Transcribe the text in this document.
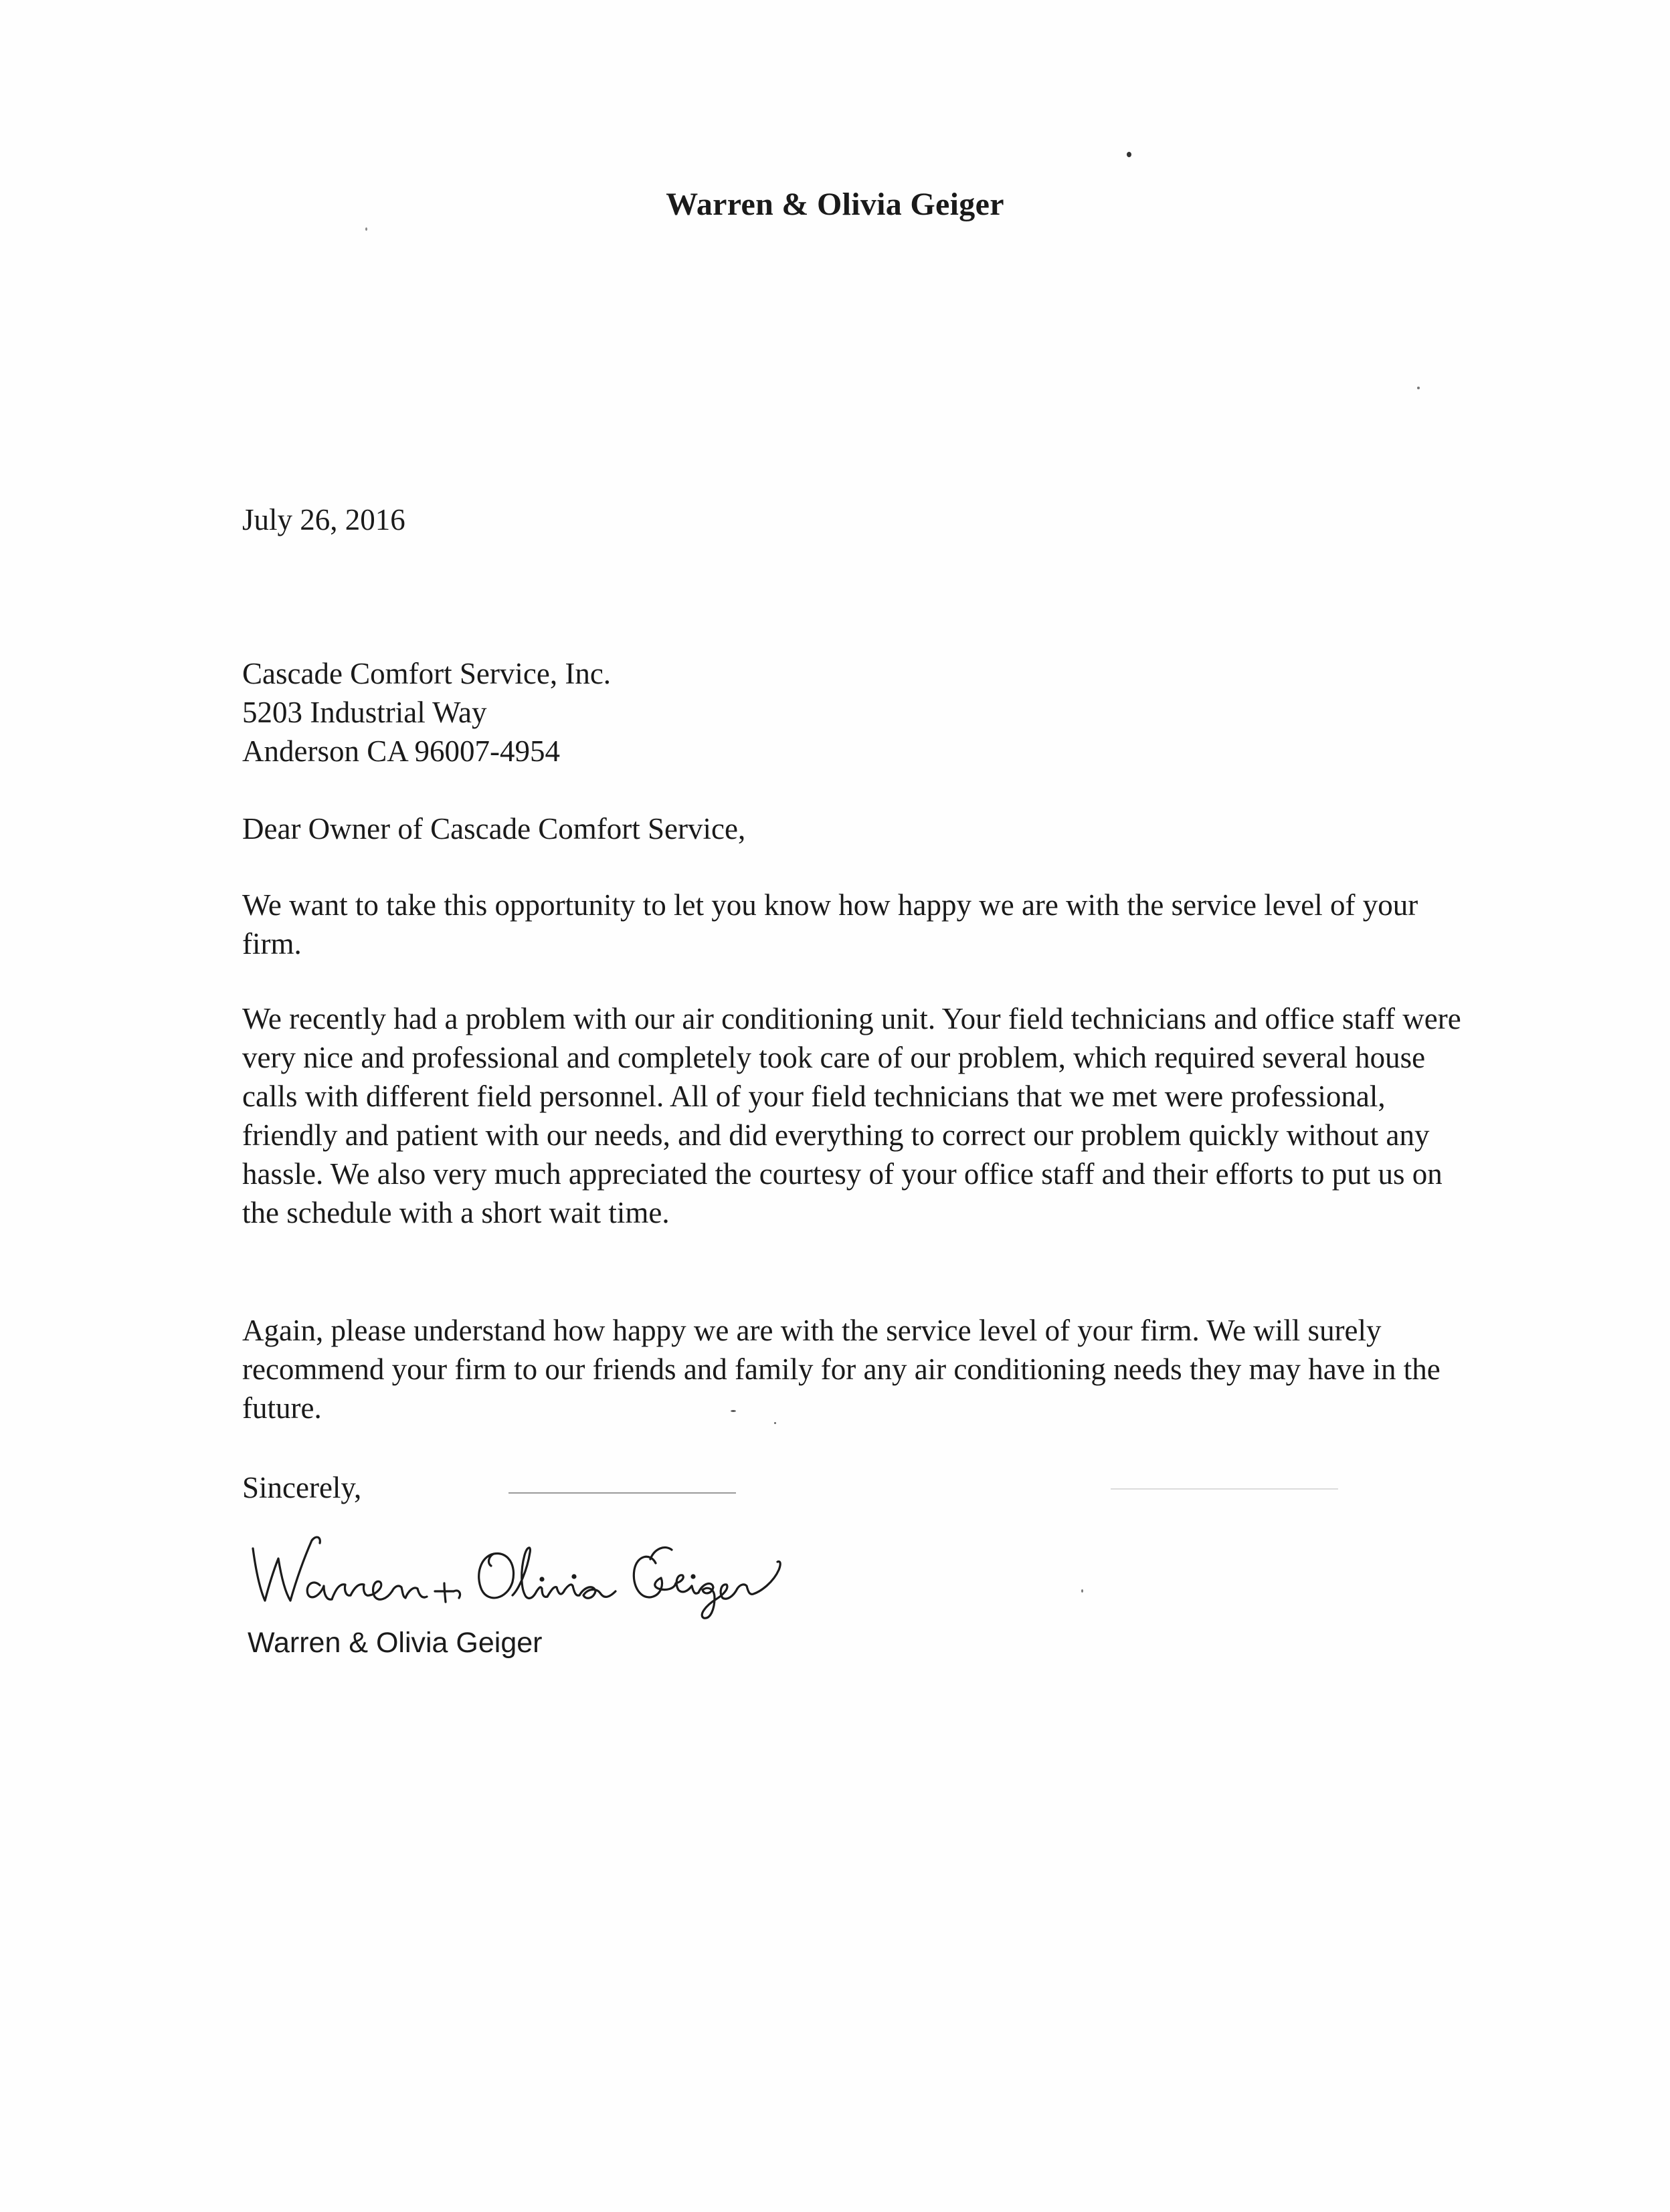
Warren & Olivia Geiger
July 26, 2016
Cascade Comfort Service, Inc.
5203 Industrial Way
Anderson CA 96007-4954
Dear Owner of Cascade Comfort Service,
We want to take this opportunity to let you know how happy we are with the service level of your firm.
We recently had a problem with our air conditioning unit. Your field technicians and office staff were very nice and professional and completely took care of our problem, which required several house calls with different field personnel. All of your field technicians that we met were professional, friendly and patient with our needs, and did everything to correct our problem quickly without any hassle. We also very much appreciated the courtesy of your office staff and their efforts to put us on the schedule with a short wait time.
Again, please understand how happy we are with the service level of your firm. We will surely recommend your firm to our friends and family for any air conditioning needs they may have in the future.
Sincerely,
Warren & Olivia Geiger
